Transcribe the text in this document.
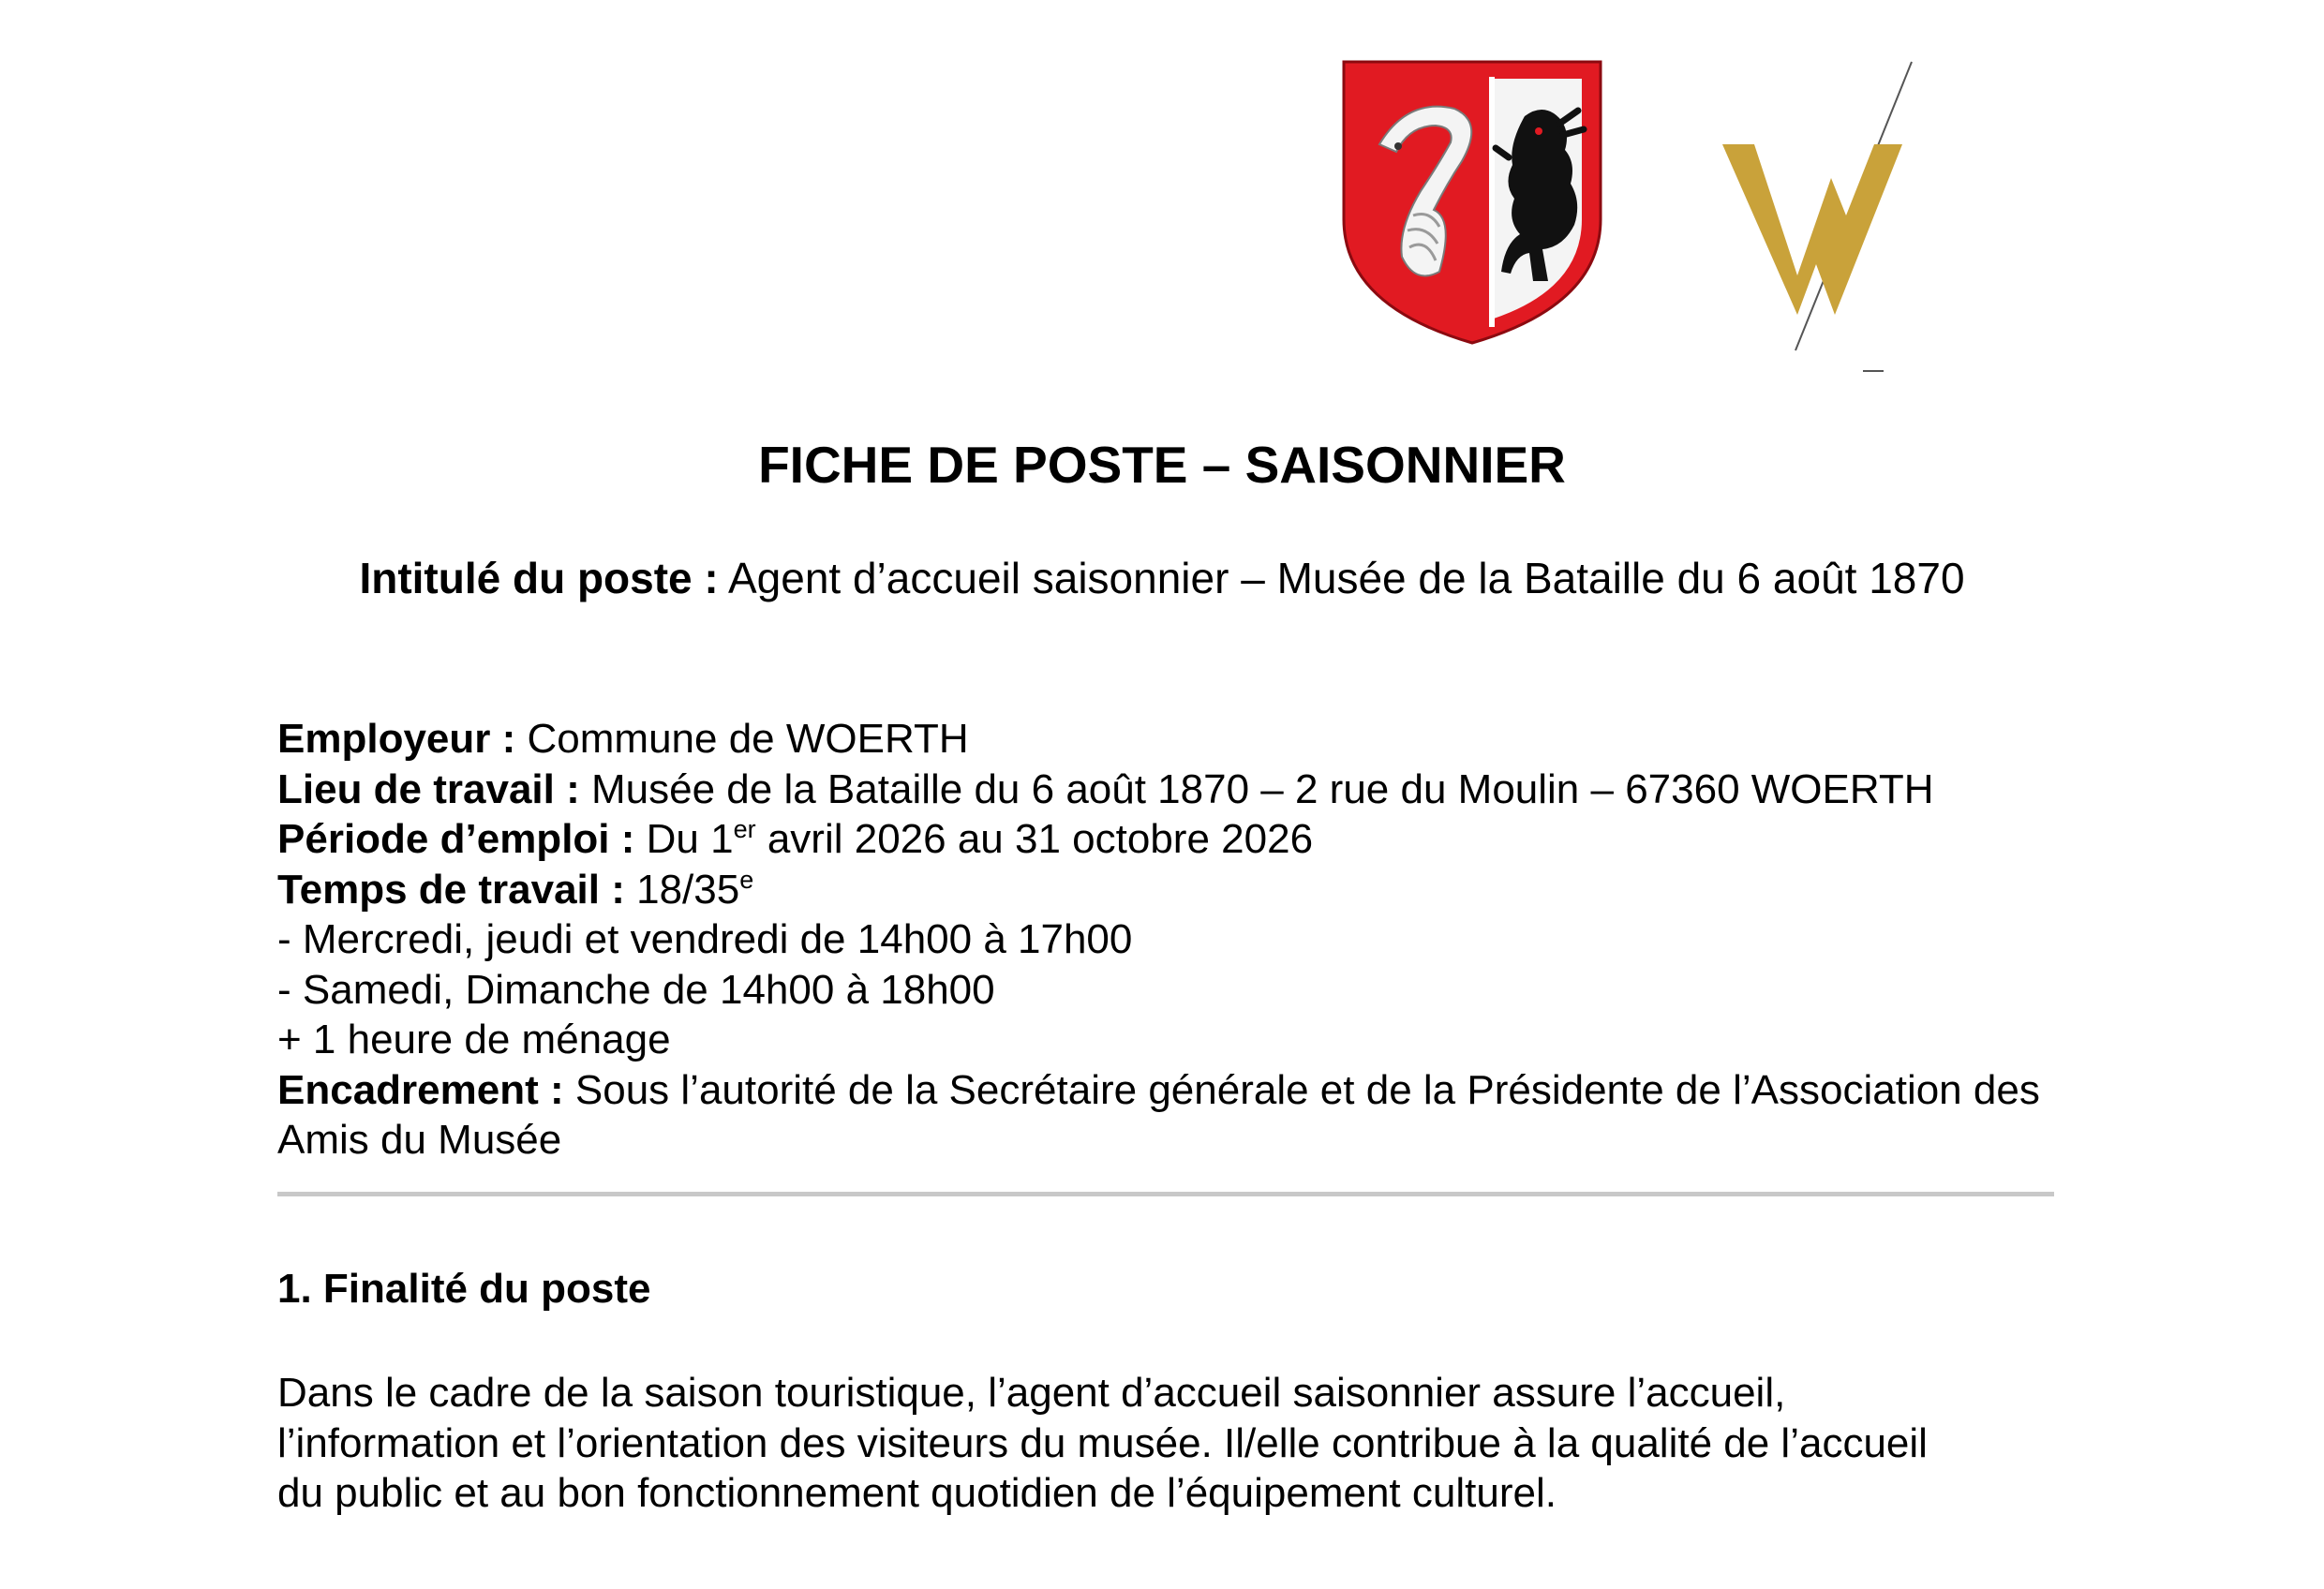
FICHE DE POSTE – SAISONNIER
Intitulé du poste : Agent d’accueil saisonnier – Musée de la Bataille du 6 août 1870
Employeur : Commune de WOERTH
Lieu de travail : Musée de la Bataille du 6 août 1870 – 2 rue du Moulin – 67360 WOERTH
Période d’emploi : Du 1er avril 2026 au 31 octobre 2026
Temps de travail : 18/35e
- Mercredi, jeudi et vendredi de 14h00 à 17h00
- Samedi, Dimanche de 14h00 à 18h00
+ 1 heure de ménage
Encadrement : Sous l’autorité de la Secrétaire générale et de la Présidente de l’Association des Amis du Musée
1. Finalité du poste
Dans le cadre de la saison touristique, l’agent d’accueil saisonnier assure l’accueil,
l’information et l’orientation des visiteurs du musée. Il/elle contribue à la qualité de l’accueil
du public et au bon fonctionnement quotidien de l’équipement culturel.
